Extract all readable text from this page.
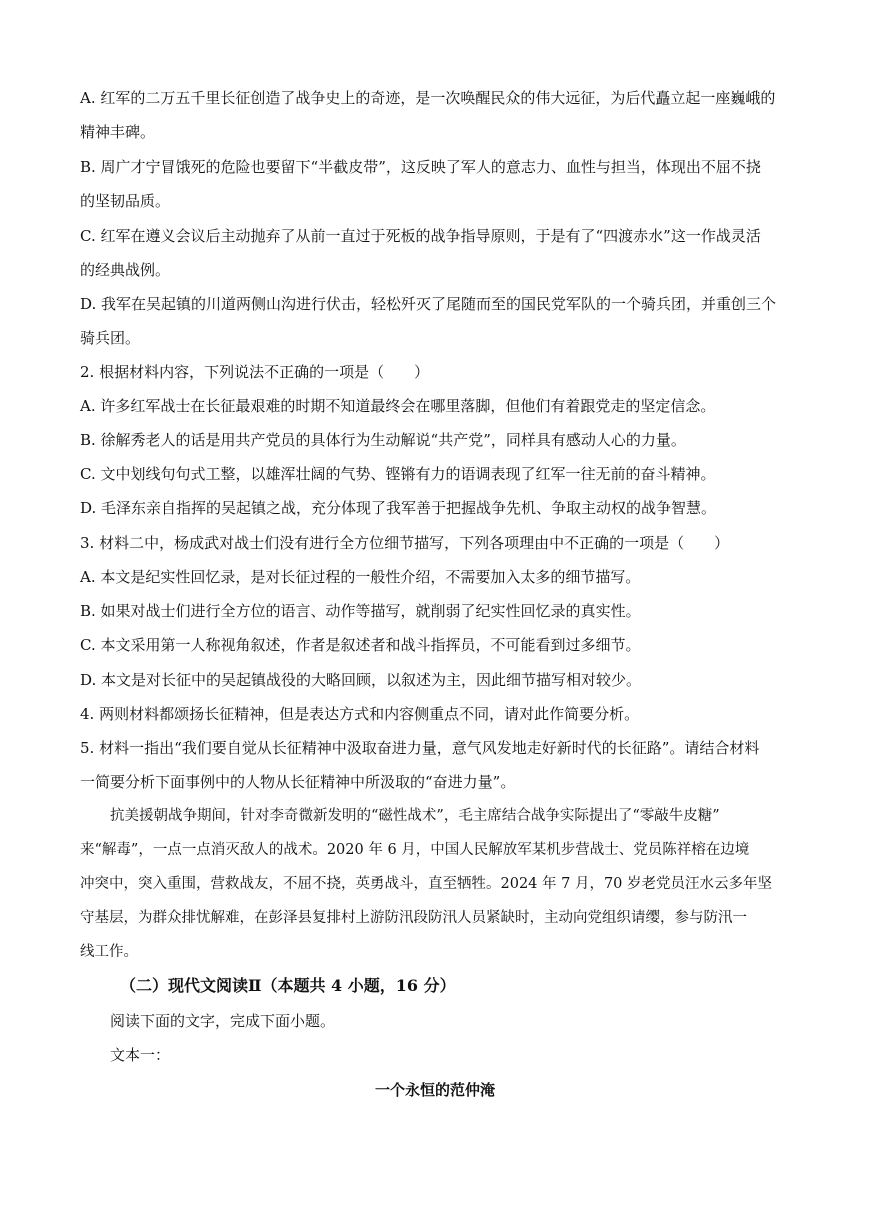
A. 红军的二万五千里长征创造了战争史上的奇迹，是一次唤醒民众的伟大远征，为后代矗立起一座巍峨的
精神丰碑。
B. 周广才宁冒饿死的危险也要留下“半截皮带”，这反映了军人的意志力、血性与担当，体现出不屈不挠
的坚韧品质。
C. 红军在遵义会议后主动抛弃了从前一直过于死板的战争指导原则，于是有了“四渡赤水”这一作战灵活
的经典战例。
D. 我军在吴起镇的川道两侧山沟进行伏击，轻松歼灭了尾随而至的国民党军队的一个骑兵团，并重创三个
骑兵团。
2. 根据材料内容，下列说法不正确的一项是（　　）
A. 许多红军战士在长征最艰难的时期不知道最终会在哪里落脚，但他们有着跟党走的坚定信念。
B. 徐解秀老人的话是用共产党员的具体行为生动解说“共产党”，同样具有感动人心的力量。
C. 文中划线句句式工整，以雄浑壮阔的气势、铿锵有力的语调表现了红军一往无前的奋斗精神。
D. 毛泽东亲自指挥的吴起镇之战，充分体现了我军善于把握战争先机、争取主动权的战争智慧。
3. 材料二中，杨成武对战士们没有进行全方位细节描写，下列各项理由中不正确的一项是（　　）
A. 本文是纪实性回忆录，是对长征过程的一般性介绍，不需要加入太多的细节描写。
B. 如果对战士们进行全方位的语言、动作等描写，就削弱了纪实性回忆录的真实性。
C. 本文采用第一人称视角叙述，作者是叙述者和战斗指挥员，不可能看到过多细节。
D. 本文是对长征中的吴起镇战役的大略回顾，以叙述为主，因此细节描写相对较少。
4. 两则材料都颂扬长征精神，但是表达方式和内容侧重点不同，请对此作简要分析。
5. 材料一指出“我们要自觉从长征精神中汲取奋进力量，意气风发地走好新时代的长征路”。请结合材料
一简要分析下面事例中的人物从长征精神中所汲取的“奋进力量”。
抗美援朝战争期间，针对李奇微新发明的“磁性战术”，毛主席结合战争实际提出了“零敲牛皮糖”
来“解毒”，一点一点消灭敌人的战术。2020 年 6 月，中国人民解放军某机步营战士、党员陈祥榕在边境
冲突中，突入重围，营救战友，不屈不挠，英勇战斗，直至牺牲。2024 年 7 月，70 岁老党员汪水云多年坚
守基层，为群众排忧解难，在彭泽县复排村上游防汛段防汛人员紧缺时，主动向党组织请缨，参与防汛一
线工作。
（二）现代文阅读Ⅱ（本题共 4 小题，16 分）
阅读下面的文字，完成下面小题。
文本一：
一个永恒的范仲淹
